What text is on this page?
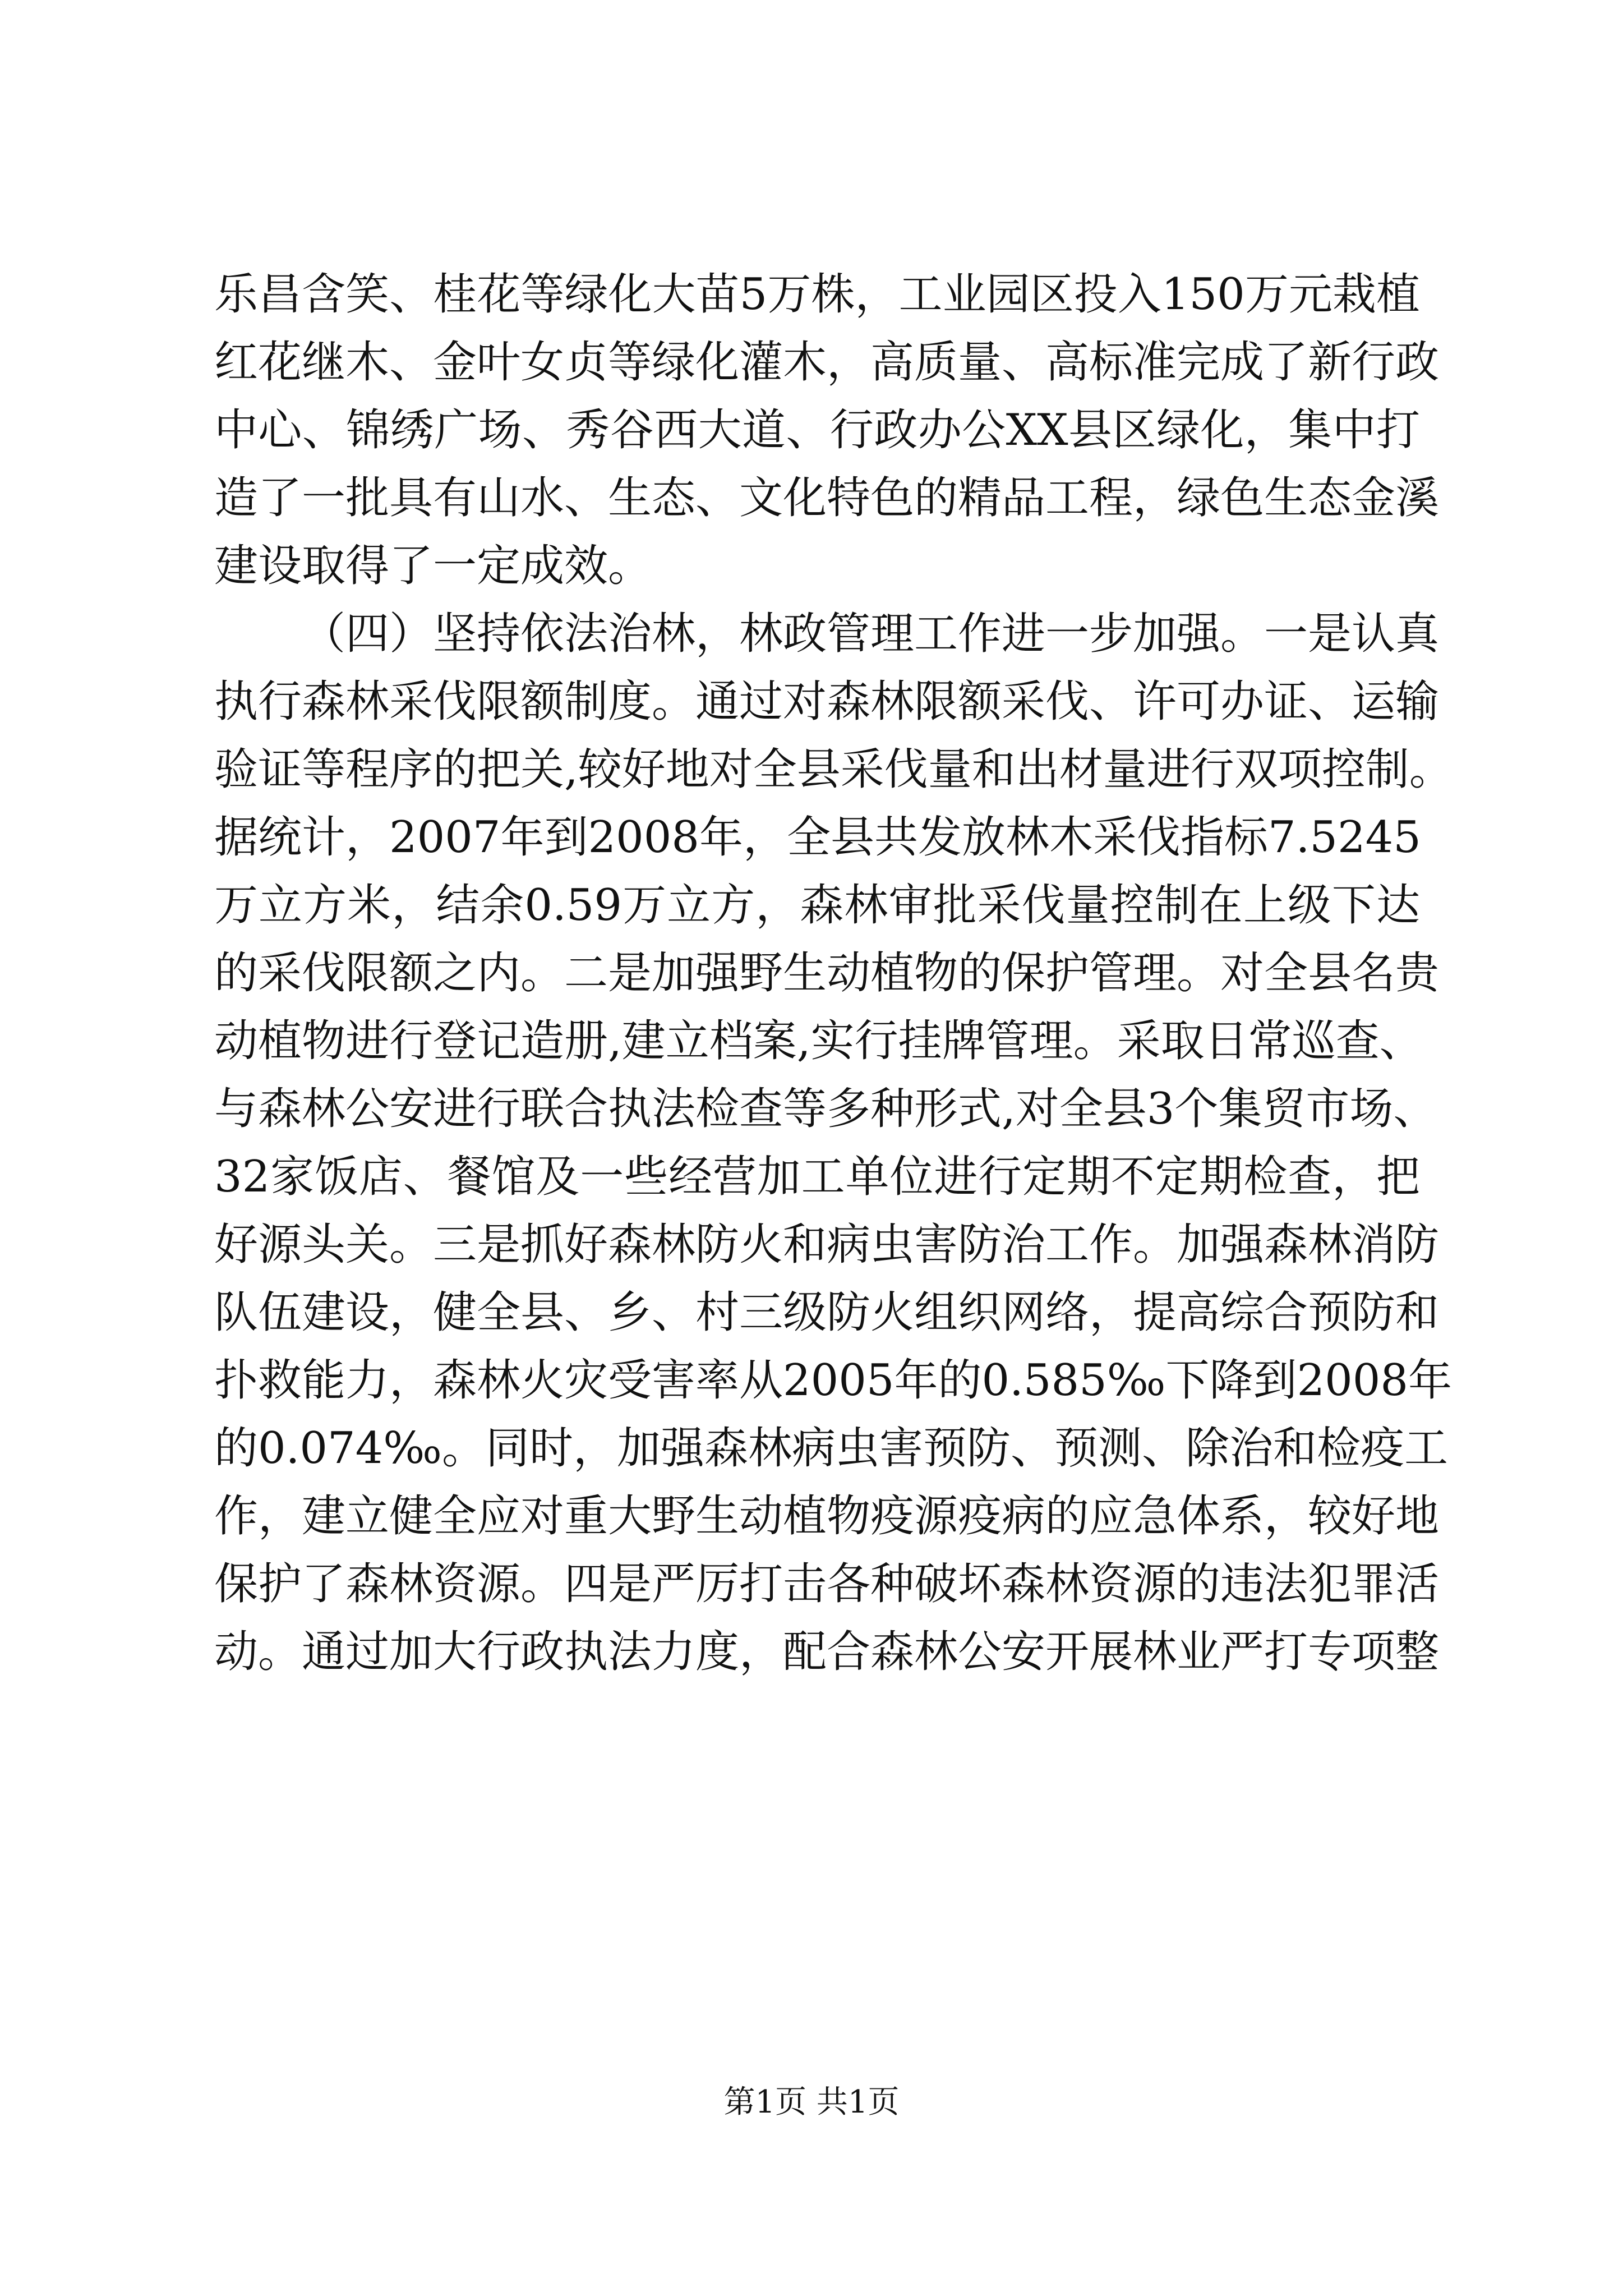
乐昌含笑、桂花等绿化大苗5万株，工业园区投入150万元栽植
红花继木、金叶女贞等绿化灌木，高质量、高标准完成了新行政
中心、锦绣广场、秀谷西大道、行政办公XX县区绿化，集中打
造了一批具有山水、生态、文化特色的精品工程，绿色生态金溪
建设取得了一定成效。
（四）坚持依法治林，林政管理工作进一步加强。一是认真
执行森林采伐限额制度。通过对森林限额采伐、许可办证、运输
验证等程序的把关,较好地对全县采伐量和出材量进行双项控制。
据统计，2007年到2008年，全县共发放林木采伐指标7.5245
万立方米，结余0.59万立方，森林审批采伐量控制在上级下达
的采伐限额之内。二是加强野生动植物的保护管理。对全县名贵
动植物进行登记造册,建立档案,实行挂牌管理。采取日常巡查、
与森林公安进行联合执法检查等多种形式,对全县3个集贸市场、
32家饭店、餐馆及一些经营加工单位进行定期不定期检查，把
好源头关。三是抓好森林防火和病虫害防治工作。加强森林消防
队伍建设，健全县、乡、村三级防火组织网络，提高综合预防和
扑救能力，森林火灾受害率从2005年的0.585‰下降到2008年
的0.074‰。同时，加强森林病虫害预防、预测、除治和检疫工
作，建立健全应对重大野生动植物疫源疫病的应急体系，较好地
保护了森林资源。四是严厉打击各种破坏森林资源的违法犯罪活
动。通过加大行政执法力度，配合森林公安开展林业严打专项整
第1页 共1页
